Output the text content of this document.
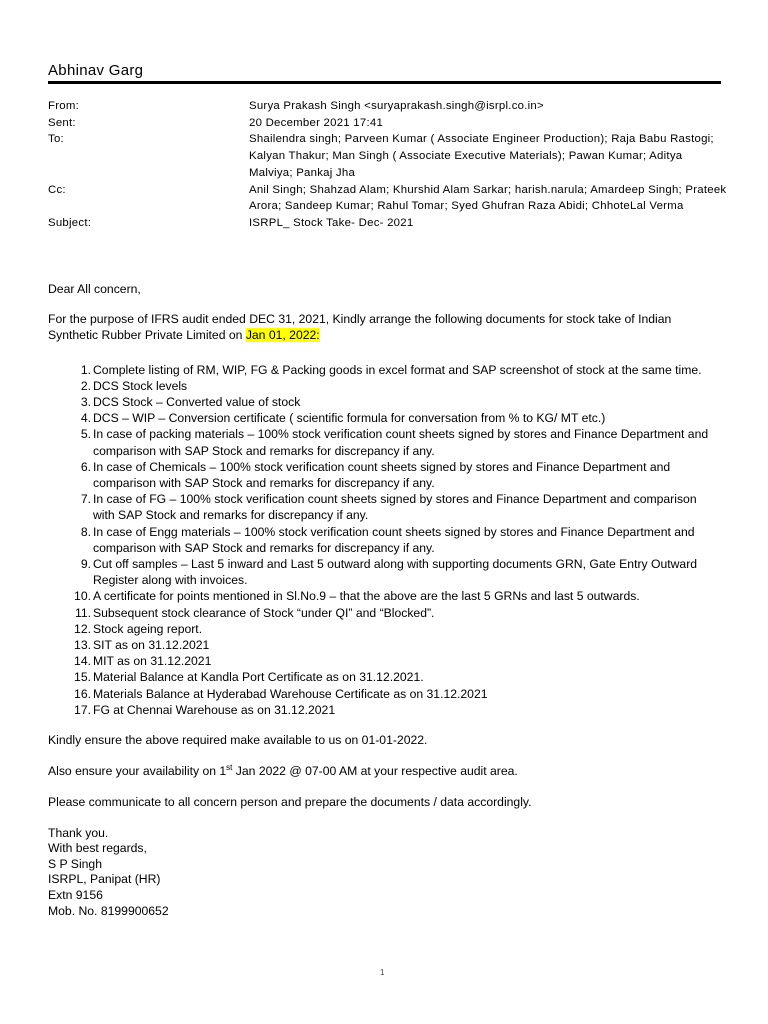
Abhinav Garg
From:	Surya Prakash Singh <suryaprakash.singh@isrpl.co.in>
Sent:	20 December 2021 17:41
To:	Shailendra singh; Parveen Kumar ( Associate Engineer Production); Raja Babu Rastogi; Kalyan Thakur; Man Singh ( Associate Executive Materials); Pawan Kumar; Aditya Malviya; Pankaj Jha
Cc:	Anil Singh; Shahzad Alam; Khurshid Alam Sarkar; harish.narula; Amardeep Singh; Prateek Arora; Sandeep Kumar; Rahul Tomar; Syed Ghufran Raza Abidi; ChhoteLal Verma
Subject:	ISRPL_ Stock Take- Dec- 2021

Dear All concern,

For the purpose of IFRS audit ended DEC 31, 2021, Kindly arrange the following documents for stock take of Indian Synthetic Rubber Private Limited on Jan 01, 2022:

1. Complete listing of RM, WIP, FG & Packing goods in excel format and SAP screenshot of stock at the same time.
2. DCS Stock levels
3. DCS Stock – Converted value of stock
4. DCS – WIP – Conversion certificate ( scientific formula for conversation from % to KG/ MT etc.)
5. In case of packing materials – 100% stock verification count sheets signed by stores and Finance Department and comparison with SAP Stock and remarks for discrepancy if any.
6. In case of Chemicals – 100% stock verification count sheets signed by stores and Finance Department and comparison with SAP Stock and remarks for discrepancy if any.
7. In case of FG – 100% stock verification count sheets signed by stores and Finance Department and comparison with SAP Stock and remarks for discrepancy if any.
8. In case of Engg materials – 100% stock verification count sheets signed by stores and Finance Department and comparison with SAP Stock and remarks for discrepancy if any.
9. Cut off samples – Last 5 inward and Last 5 outward along with supporting documents GRN, Gate Entry Outward Register along with invoices.
10. A certificate for points mentioned in Sl.No.9 – that the above are the last 5 GRNs and last 5 outwards.
11. Subsequent stock clearance of Stock “under QI” and “Blocked”.
12. Stock ageing report.
13. SIT as on 31.12.2021
14. MIT as on 31.12.2021
15. Material Balance at Kandla Port Certificate as on 31.12.2021.
16. Materials Balance at Hyderabad Warehouse Certificate as on 31.12.2021
17. FG at Chennai Warehouse as on 31.12.2021

Kindly ensure the above required make available to us on 01-01-2022.

Also ensure your availability on 1st Jan 2022 @ 07-00 AM at your respective audit area.

Please communicate to all concern person and prepare the documents / data accordingly.

Thank you.
With best regards,
S P Singh
ISRPL, Panipat (HR)
Extn 9156
Mob. No. 8199900652
1
